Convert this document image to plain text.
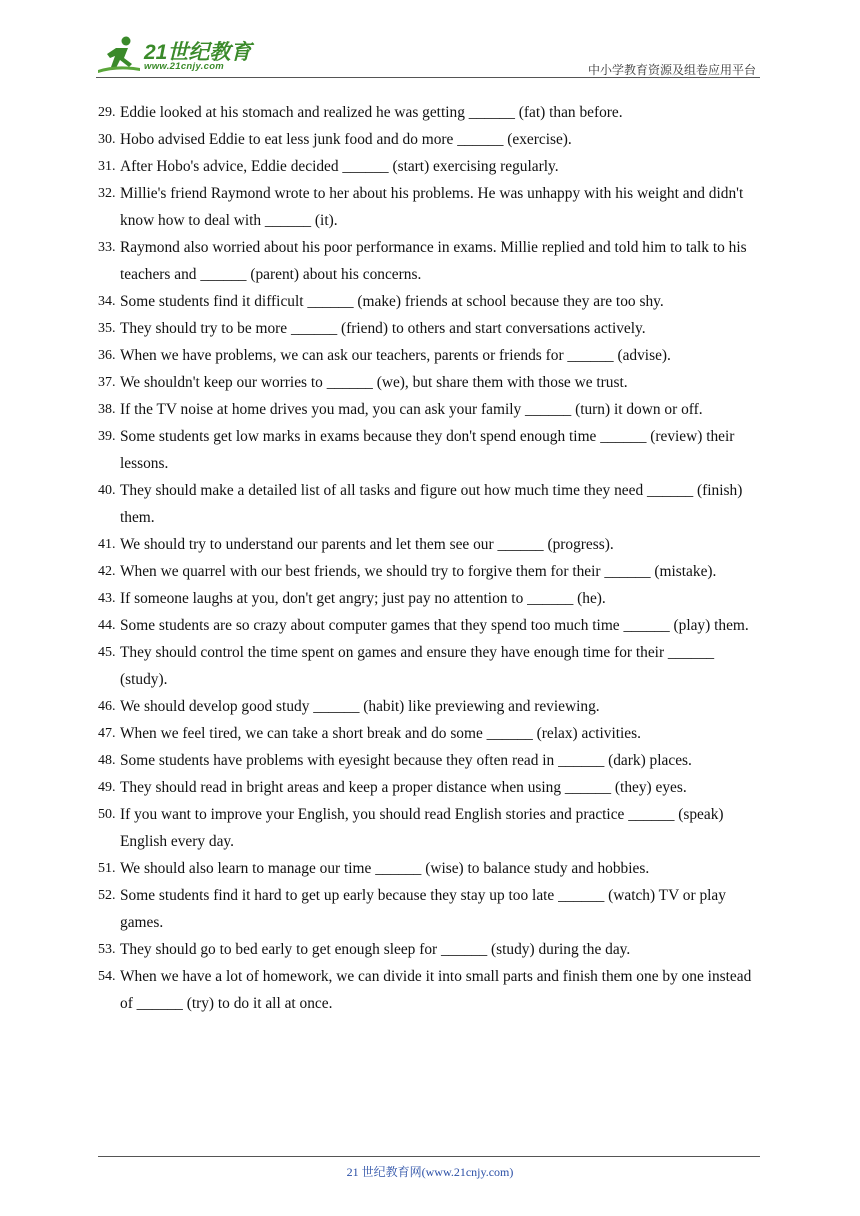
21世纪教育
www.21cnjy.com	中小学教育资源及组卷应用平台
29. Eddie looked at his stomach and realized he was getting ______ (fat) than before.
30. Hobo advised Eddie to eat less junk food and do more ______ (exercise).
31. After Hobo's advice, Eddie decided ______ (start) exercising regularly.
32. Millie's friend Raymond wrote to her about his problems. He was unhappy with his weight and didn't know how to deal with ______ (it).
33. Raymond also worried about his poor performance in exams. Millie replied and told him to talk to his teachers and ______ (parent) about his concerns.
34. Some students find it difficult ______ (make) friends at school because they are too shy.
35. They should try to be more ______ (friend) to others and start conversations actively.
36. When we have problems, we can ask our teachers, parents or friends for ______ (advise).
37. We shouldn't keep our worries to ______ (we), but share them with those we trust.
38. If the TV noise at home drives you mad, you can ask your family ______ (turn) it down or off.
39. Some students get low marks in exams because they don't spend enough time ______ (review) their lessons.
40. They should make a detailed list of all tasks and figure out how much time they need ______ (finish) them.
41. We should try to understand our parents and let them see our ______ (progress).
42. When we quarrel with our best friends, we should try to forgive them for their ______ (mistake).
43. If someone laughs at you, don't get angry; just pay no attention to ______ (he).
44. Some students are so crazy about computer games that they spend too much time ______ (play) them.
45. They should control the time spent on games and ensure they have enough time for their ______ (study).
46. We should develop good study ______ (habit) like previewing and reviewing.
47. When we feel tired, we can take a short break and do some ______ (relax) activities.
48. Some students have problems with eyesight because they often read in ______ (dark) places.
49. They should read in bright areas and keep a proper distance when using ______ (they) eyes.
50. If you want to improve your English, you should read English stories and practice ______ (speak) English every day.
51. We should also learn to manage our time ______ (wise) to balance study and hobbies.
52. Some students find it hard to get up early because they stay up too late ______ (watch) TV or play games.
53. They should go to bed early to get enough sleep for ______ (study) during the day.
54. When we have a lot of homework, we can divide it into small parts and finish them one by one instead of ______ (try) to do it all at once.
21 世纪教育网(www.21cnjy.com)
